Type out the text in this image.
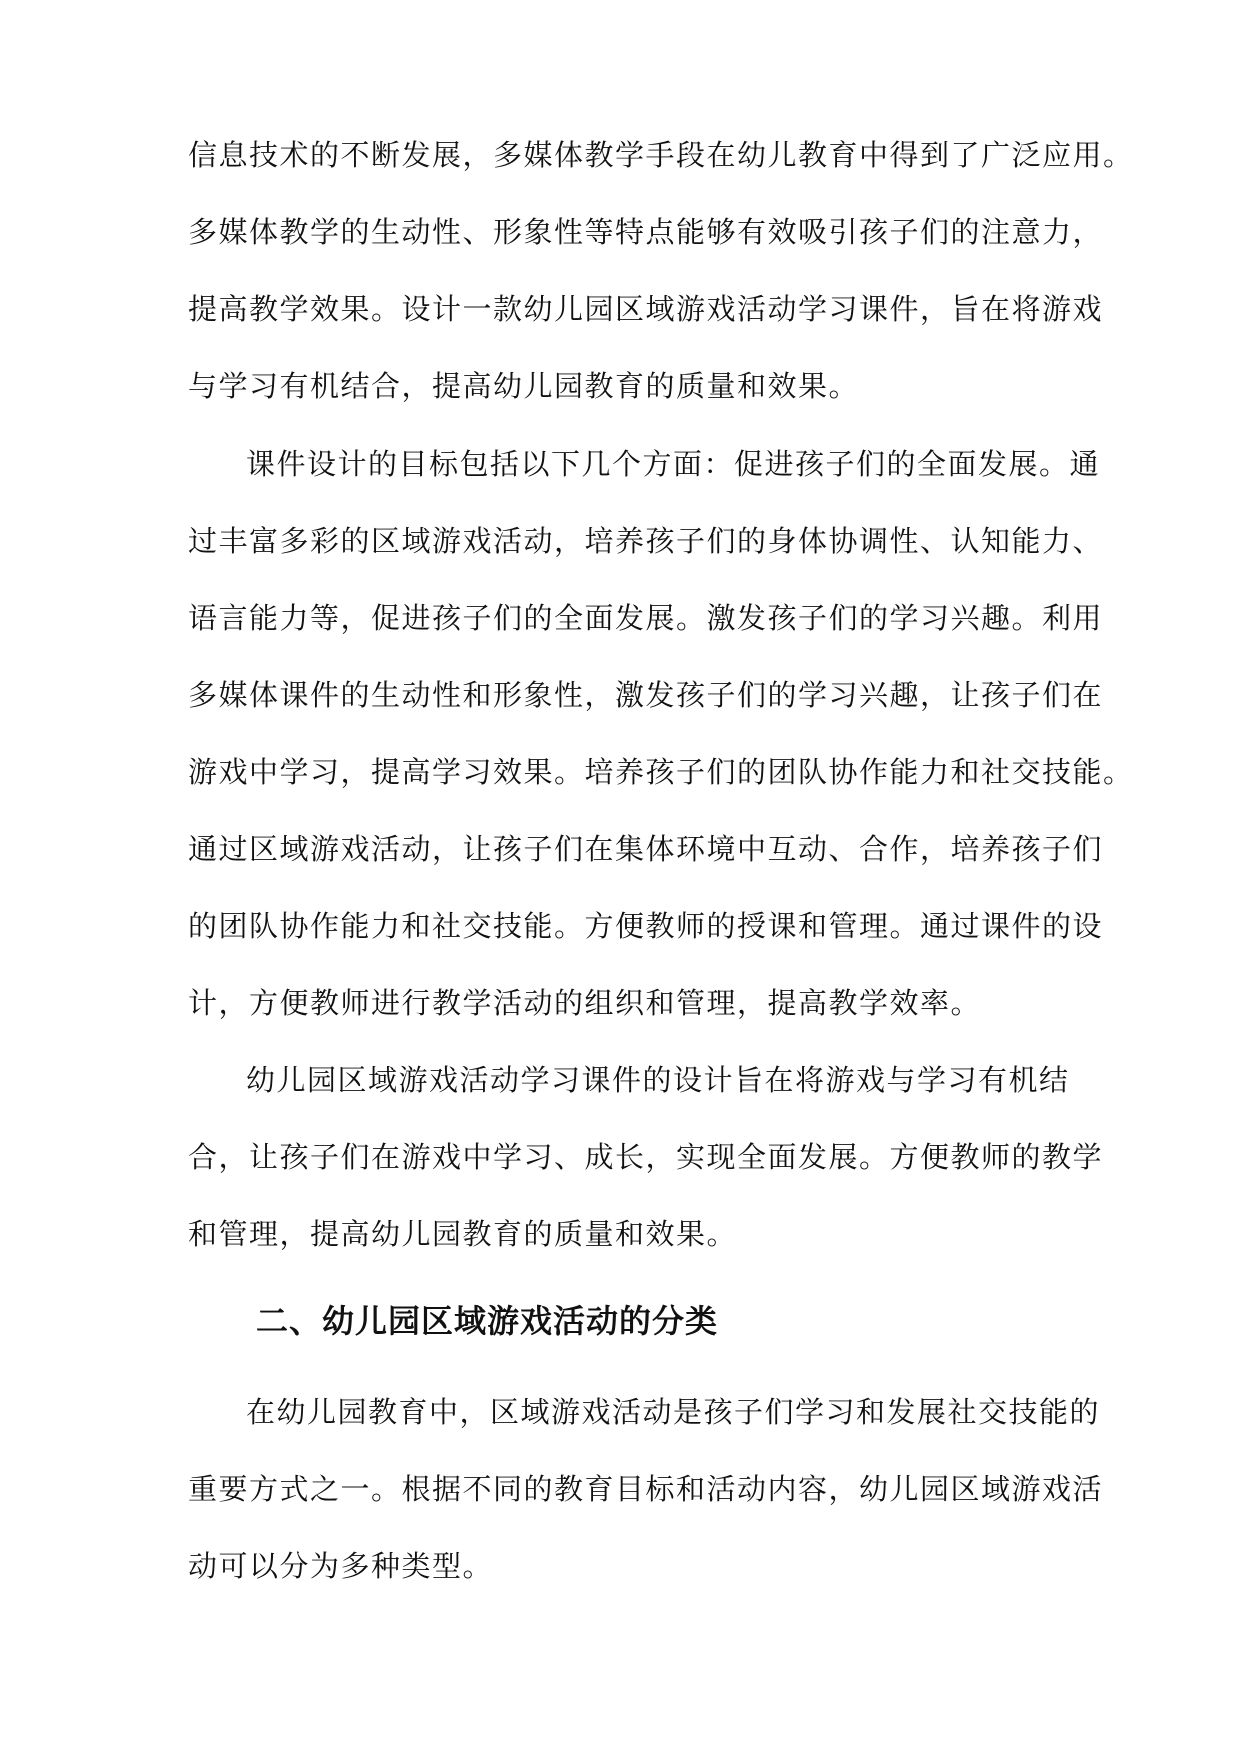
信息技术的不断发展，多媒体教学手段在幼儿教育中得到了广泛应用。
多媒体教学的生动性、形象性等特点能够有效吸引孩子们的注意力，
提高教学效果。设计一款幼儿园区域游戏活动学习课件，旨在将游戏
与学习有机结合，提高幼儿园教育的质量和效果。
课件设计的目标包括以下几个方面：促进孩子们的全面发展。通
过丰富多彩的区域游戏活动，培养孩子们的身体协调性、认知能力、
语言能力等，促进孩子们的全面发展。激发孩子们的学习兴趣。利用
多媒体课件的生动性和形象性，激发孩子们的学习兴趣，让孩子们在
游戏中学习，提高学习效果。培养孩子们的团队协作能力和社交技能。
通过区域游戏活动，让孩子们在集体环境中互动、合作，培养孩子们
的团队协作能力和社交技能。方便教师的授课和管理。通过课件的设
计，方便教师进行教学活动的组织和管理，提高教学效率。
幼儿园区域游戏活动学习课件的设计旨在将游戏与学习有机结
合，让孩子们在游戏中学习、成长，实现全面发展。方便教师的教学
和管理，提高幼儿园教育的质量和效果。
二、幼儿园区域游戏活动的分类
在幼儿园教育中，区域游戏活动是孩子们学习和发展社交技能的
重要方式之一。根据不同的教育目标和活动内容，幼儿园区域游戏活
动可以分为多种类型。
